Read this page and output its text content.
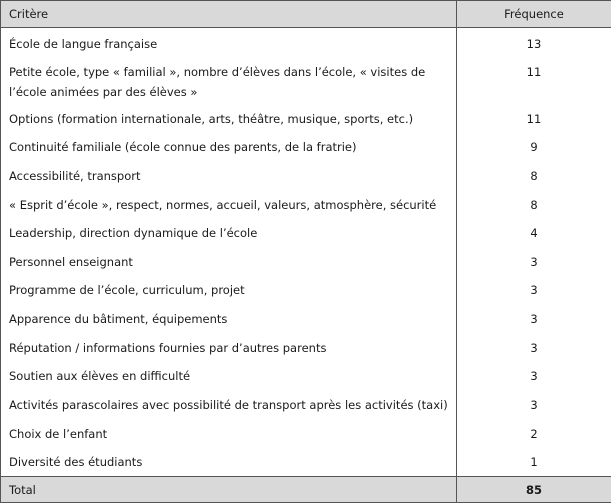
Critère	Fréquence
École de langue française	13
Petite école, type « familial », nombre d’élèves dans l’école, « visites de l’école animées par des élèves »	11
Options (formation internationale, arts, théâtre, musique, sports, etc.)	11
Continuité familiale (école connue des parents, de la fratrie)	9
Accessibilité, transport	8
« Esprit d’école », respect, normes, accueil, valeurs, atmosphère, sécurité	8
Leadership, direction dynamique de l’école	4
Personnel enseignant	3
Programme de l’école, curriculum, projet	3
Apparence du bâtiment, équipements	3
Réputation / informations fournies par d’autres parents	3
Soutien aux élèves en difficulté	3
Activités parascolaires avec possibilité de transport après les activités (taxi)	3
Choix de l’enfant	2
Diversité des étudiants	1
Total	85
